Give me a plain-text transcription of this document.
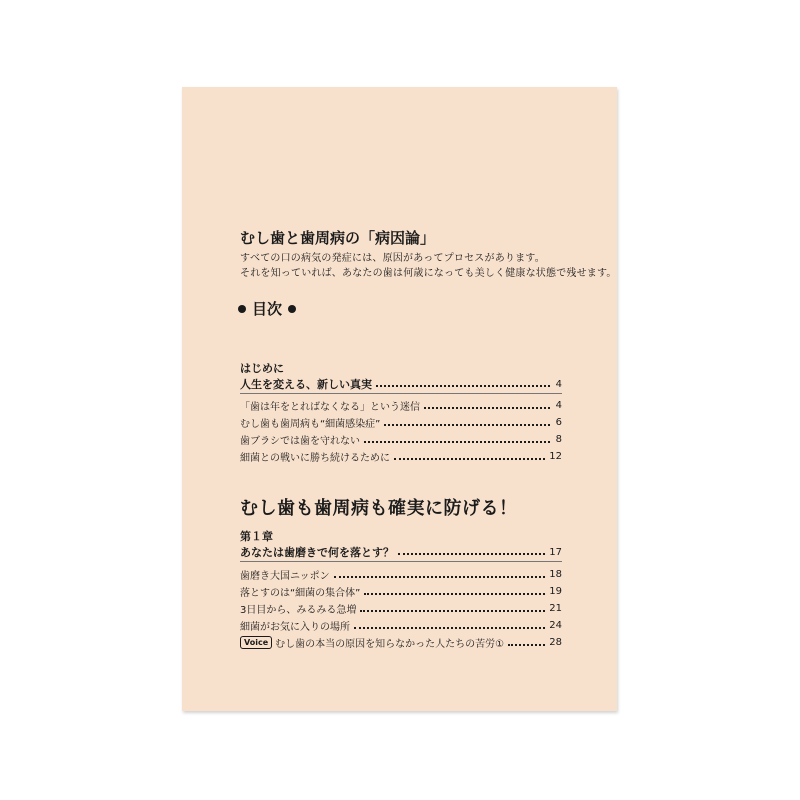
むし歯と歯周病の「病因論」
すべての口の病気の発症には、原因があってプロセスがあります。
それを知っていれば、あなたの歯は何歳になっても美しく健康な状態で残せます。
目次
はじめに
人生を変える、新しい真実	4
「歯は年をとればなくなる」という迷信	4
むし歯も歯周病も“細菌感染症”	6
歯ブラシでは歯を守れない	8
細菌との戦いに勝ち続けるために	12
むし歯も歯周病も確実に防げる！
第１章
あなたは歯磨きで何を落とす？	17
歯磨き大国ニッポン	18
落とすのは“細菌の集合体”	19
3日目から、みるみる急増	21
細菌がお気に入りの場所	24
Voice むし歯の本当の原因を知らなかった人たちの苦労①	28
